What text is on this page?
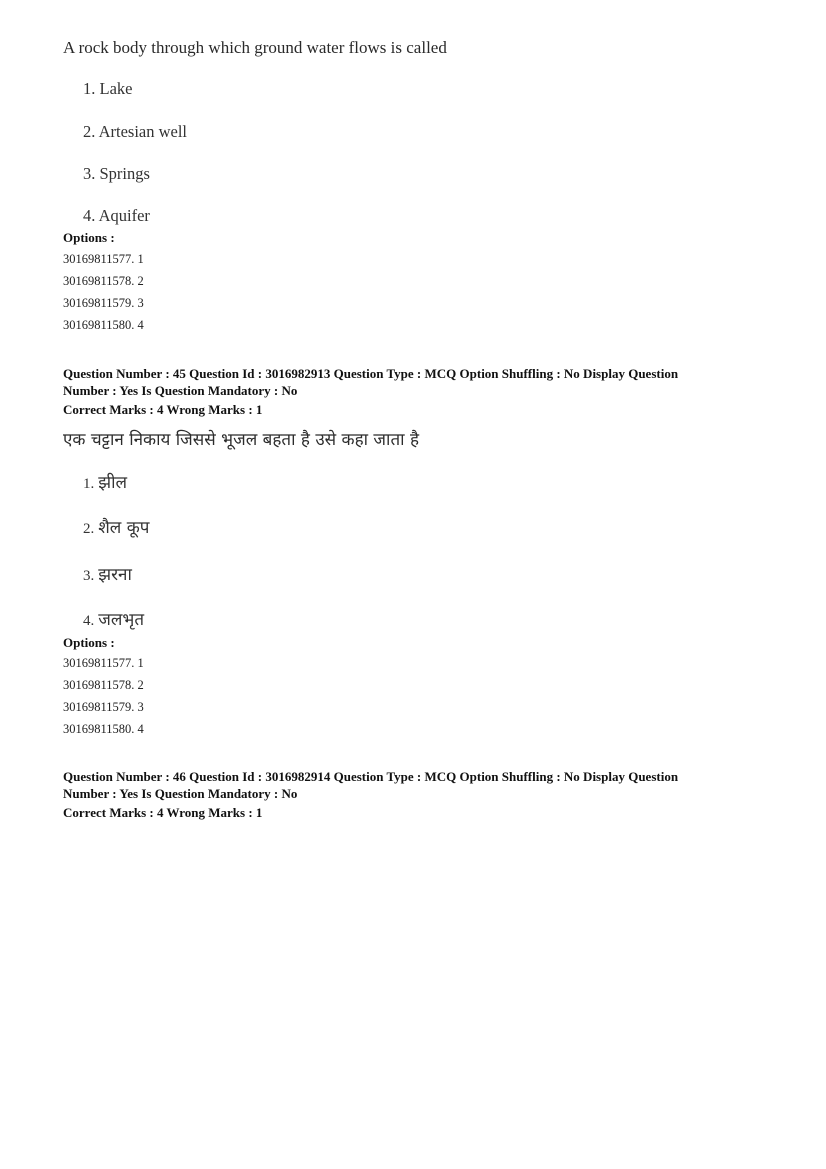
A rock body through which ground water flows is called
1. Lake
2. Artesian well
3. Springs
4. Aquifer
Options :
30169811577. 1
30169811578. 2
30169811579. 3
30169811580. 4
Question Number : 45 Question Id : 3016982913 Question Type : MCQ Option Shuffling : No Display Question
Number : Yes Is Question Mandatory : No
Correct Marks : 4 Wrong Marks : 1
एक चट्टान निकाय जिससे भूजल बहता है उसे कहा जाता है
1. झील
2. शैल कूप
3. झरना
4. जलभृत
Options :
30169811577. 1
30169811578. 2
30169811579. 3
30169811580. 4
Question Number : 46 Question Id : 3016982914 Question Type : MCQ Option Shuffling : No Display Question
Number : Yes Is Question Mandatory : No
Correct Marks : 4 Wrong Marks : 1
